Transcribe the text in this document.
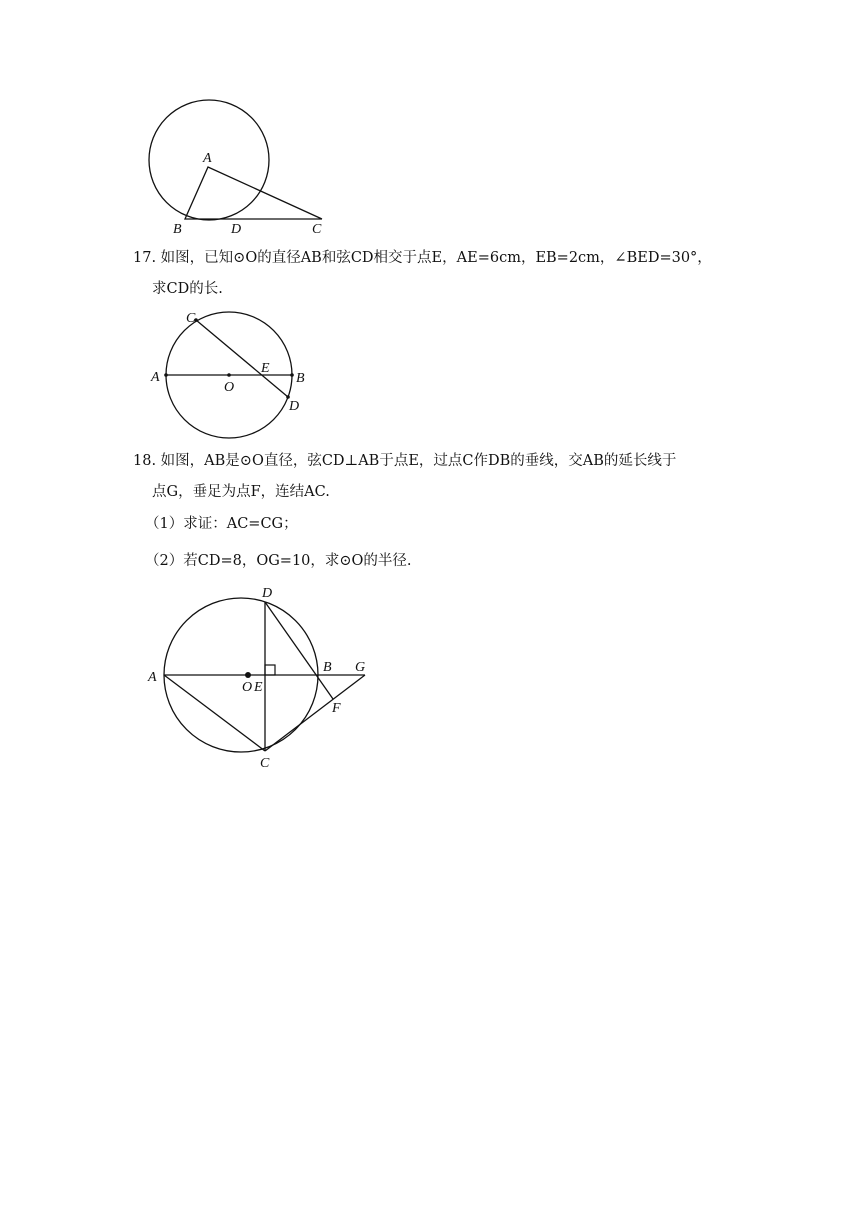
A
B	D	C
17. 如图，已知⊙O的直径AB和弦CD相交于点E，AE=6cm，EB=2cm，∠BED=30°，
求CD的长.
C
A
O
E
B
D
18. 如图，AB是⊙O直径，弦CD⊥AB于点E，过点C作DB的垂线，交AB的延长线于
点G，垂足为点F，连结AC.
（1）求证：AC=CG；
（2）若CD=8，OG=10，求⊙O的半径.
D
A
O E
B G
F
C
